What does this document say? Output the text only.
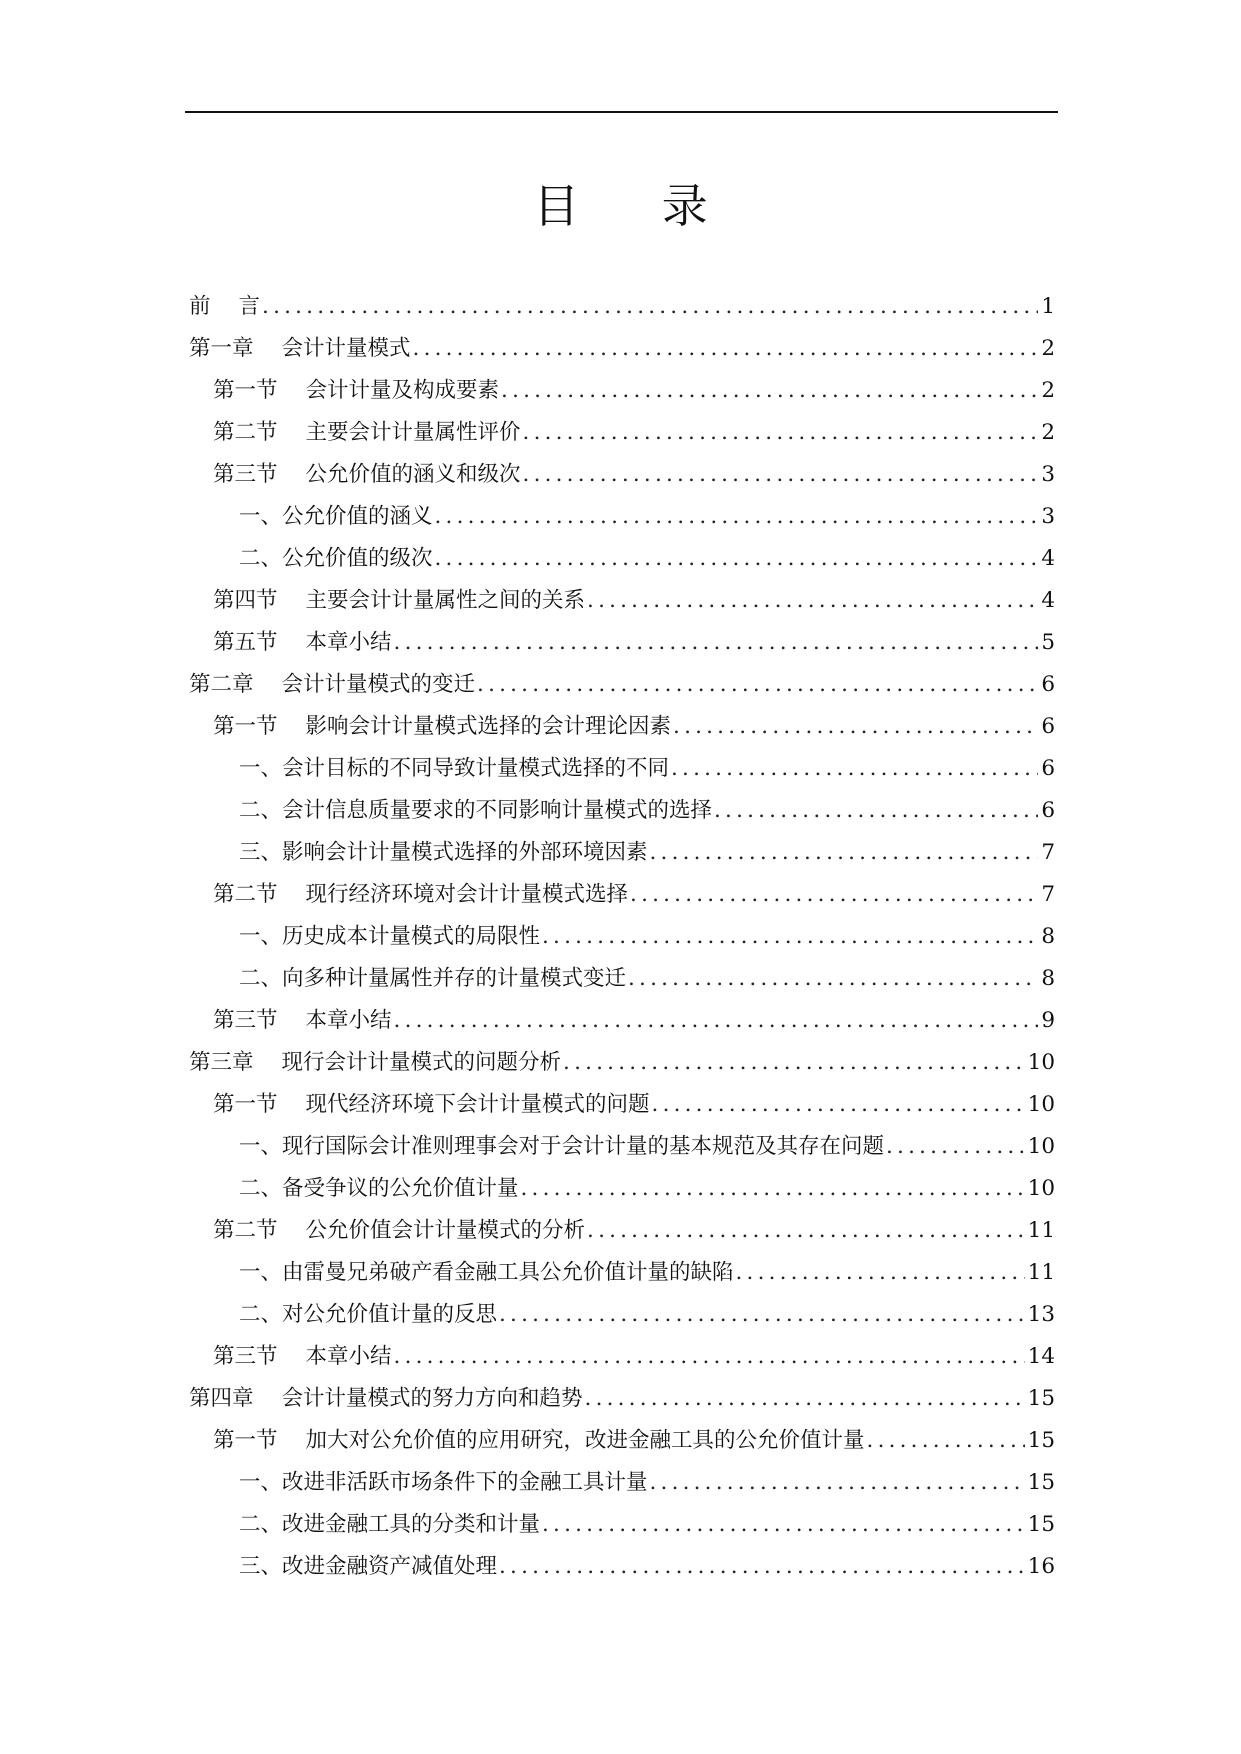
目 录
前 言 .....	1
第一章 会计计量模式 .....	2
第一节 会计计量及构成要素 .....	2
第二节 主要会计计量属性评价 .....	2
第三节 公允价值的涵义和级次 .....	3
一、公允价值的涵义 .....	3
二、公允价值的级次 .....	4
第四节 主要会计计量属性之间的关系 .....	4
第五节 本章小结 .....	5
第二章 会计计量模式的变迁 .....	6
第一节 影响会计计量模式选择的会计理论因素 .....	6
一、会计目标的不同导致计量模式选择的不同 .....	6
二、会计信息质量要求的不同影响计量模式的选择 .....	6
三、影响会计计量模式选择的外部环境因素 .....	7
第二节 现行经济环境对会计计量模式选择 .....	7
一、历史成本计量模式的局限性 .....	8
二、向多种计量属性并存的计量模式变迁 .....	8
第三节 本章小结 .....	9
第三章 现行会计计量模式的问题分析 .....	10
第一节 现代经济环境下会计计量模式的问题 .....	10
一、现行国际会计准则理事会对于会计计量的基本规范及其存在问题 .....	10
二、备受争议的公允价值计量 .....	10
第二节 公允价值会计计量模式的分析 .....	11
一、由雷曼兄弟破产看金融工具公允价值计量的缺陷 .....	11
二、对公允价值计量的反思 .....	13
第三节 本章小结 .....	14
第四章 会计计量模式的努力方向和趋势 .....	15
第一节 加大对公允价值的应用研究，改进金融工具的公允价值计量 .....	15
一、改进非活跃市场条件下的金融工具计量 .....	15
二、改进金融工具的分类和计量 .....	15
三、改进金融资产减值处理 .....	16
